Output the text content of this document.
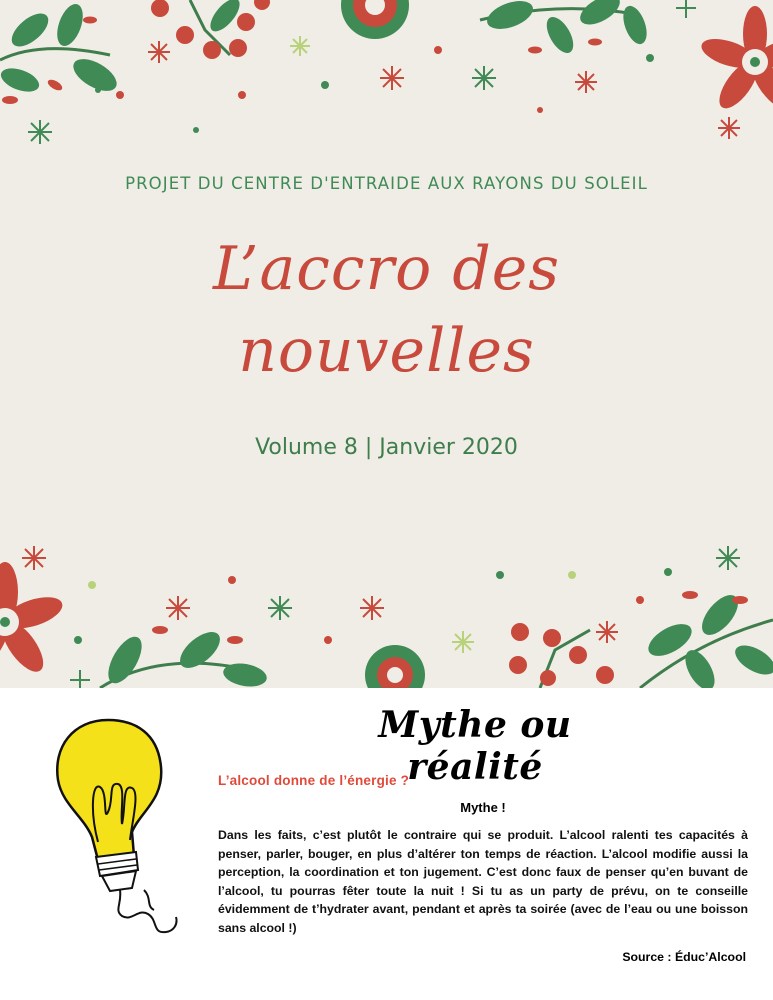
PROJET DU CENTRE D'ENTRAIDE AUX RAYONS DU SOLEIL
L’accro des
nouvelles
Volume 8 | Janvier 2020
Mythe ou réalité
L’alcool donne de l’énergie ?
Mythe !

Dans les faits, c’est plutôt le contraire qui se produit. L’alcool ralenti tes capacités à penser, parler, bouger, en plus d’altérer ton temps de réaction. L’alcool modifie aussi la perception, la coordination et ton jugement. C’est donc faux de penser qu’en buvant de l’alcool, tu pourras fêter toute la nuit ! Si tu as un party de prévu, on te conseille évidemment de t’hydrater avant, pendant et après ta soirée (avec de l’eau ou une boisson sans alcool !)

Source : Éduc’Alcool
